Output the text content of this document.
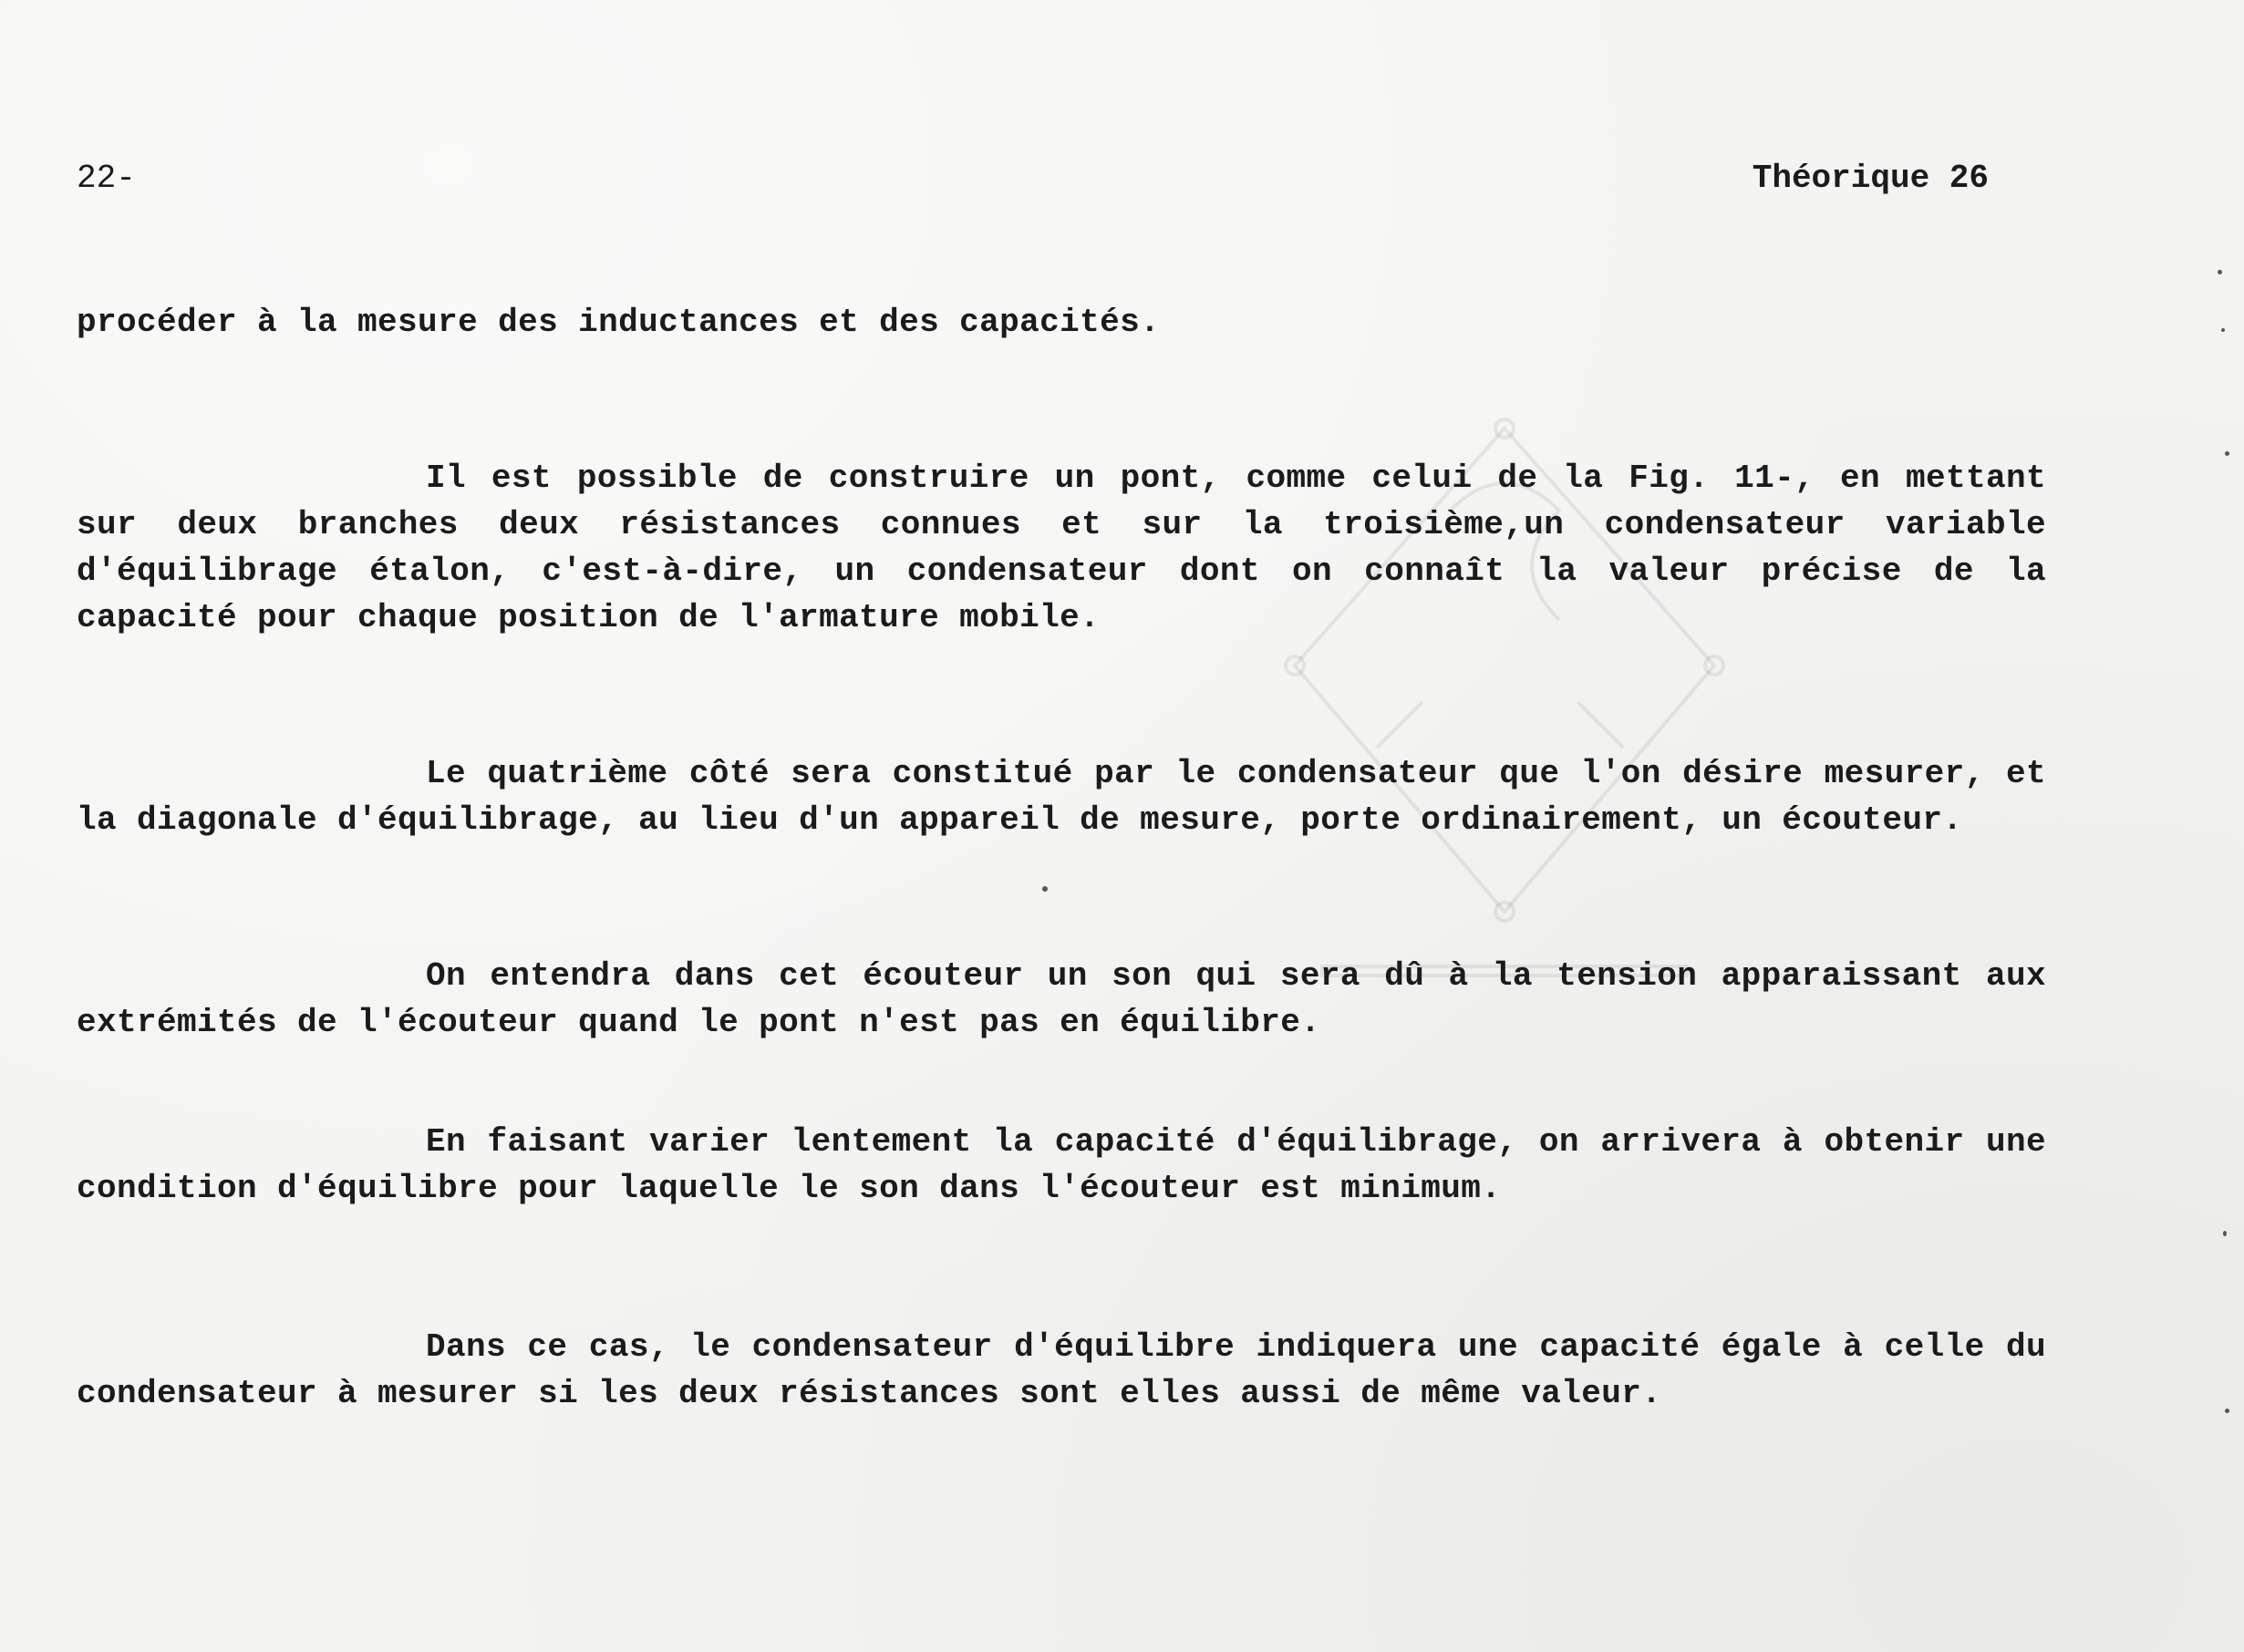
22-	Théorique 26

procéder à la mesure des inductances et des capacités.

Il est possible de construire un pont, comme celui de la Fig. 11-, en mettant sur deux branches deux résistances connues et sur la troisième,un condensateur variable d'équilibrage étalon, c'est-à-dire, un condensateur dont on connaît la valeur précise de la capacité pour chaque position de l'armature mobile.

Le quatrième côté sera constitué par le condensateur que l'on désire mesurer, et la diagonale d'équilibrage, au lieu d'un appareil de mesure, porte ordinairement, un écouteur.

On entendra dans cet écouteur un son qui sera dû à la tension apparaissant aux extrémités de l'écouteur quand le pont n'est pas en équilibre.

En faisant varier lentement la capacité d'équilibrage, on arrivera à obtenir une condition d'équilibre pour laquelle le son dans l'écouteur est minimum.

Dans ce cas, le condensateur d'équilibre indiquera une capacité égale à celle du condensateur à mesurer si les deux résistances sont elles aussi de même valeur.
